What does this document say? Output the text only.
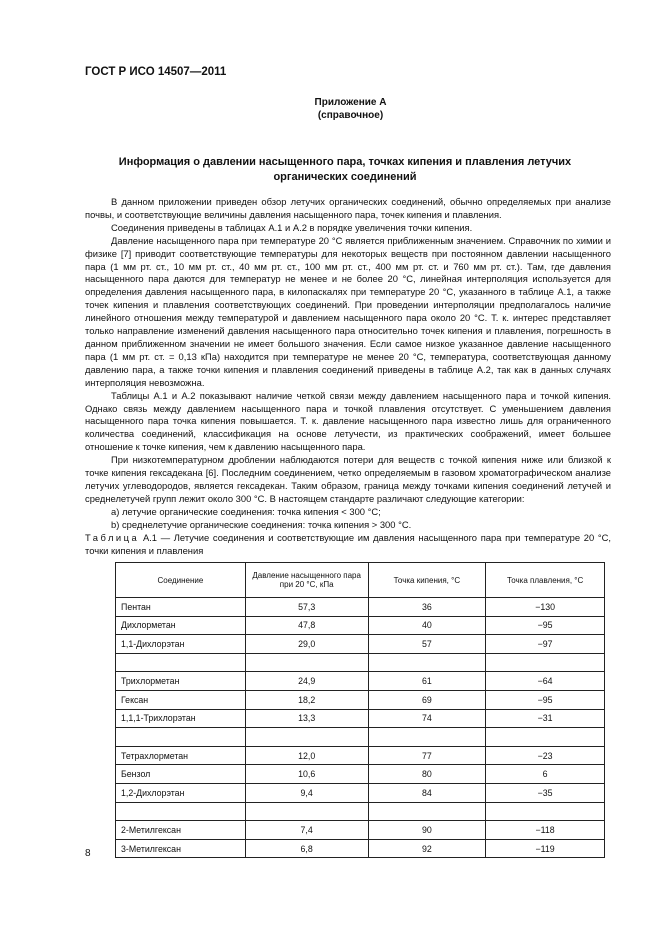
ГОСТ Р ИСО 14507—2011
Приложение А
(справочное)
Информация о давлении насыщенного пара, точках кипения и плавления летучих органических соединений

В данном приложении приведен обзор летучих органических соединений, обычно определяемых при анализе почвы, и соответствующие величины давления насыщенного пара, точек кипения и плавления.

Соединения приведены в таблицах А.1 и А.2 в порядке увеличения точки кипения.

Давление насыщенного пара при температуре 20 °С является приближенным значением. Справочник по химии и физике [7] приводит соответствующие температуры для некоторых веществ при постоянном давлении насыщенного пара (1 мм рт. ст., 10 мм рт. ст., 40 мм рт. ст., 100 мм рт. ст., 400 мм рт. ст. и 760 мм рт. ст.). Там, где давления насыщенного пара даются для температур не менее и не более 20 °С, линейная интерполяция используется для определения давления насыщенного пара, в килопаскалях при температуре 20 °С, указанного в таблице А.1, а также точек кипения и плавления соответствующих соединений. При проведении интерполяции предполагалось наличие линейного отношения между температурой и давлением насыщенного пара около 20 °С. Т. к. интерес представляет только направление изменений давления насыщенного пара относительно точек кипения и плавления, погрешность в данном приближенном значении не имеет большого значения. Если самое низкое указанное давление насыщенного пара (1 мм рт. ст. = 0,13 кПа) находится при температуре не менее 20 °С, температура, соответствующая данному давлению пара, а также точки кипения и плавления соединений приведены в таблице А.2, так как в данных случаях интерполяция невозможна.

Таблицы А.1 и А.2 показывают наличие четкой связи между давлением насыщенного пара и точкой кипения. Однако связь между давлением насыщенного пара и точкой плавления отсутствует. С уменьшением давления насыщенного пара точка кипения повышается. Т. к. давление насыщенного пара известно лишь для ограниченного количества соединений, классификация на основе летучести, из практических соображений, имеет большее отношение к точке кипения, чем к давлению насыщенного пара.

При низкотемпературном дроблении наблюдаются потери для веществ с точкой кипения ниже или близкой к точке кипения гексадекана [6]. Последним соединением, четко определяемым в газовом хроматографическом анализе летучих углеводородов, является гексадекан. Таким образом, граница между точками кипения соединений летучей и среднелетучей групп лежит около 300 °С. В настоящем стандарте различают следующие категории:

a) летучие органические соединения: точка кипения < 300 °С;

b) среднелетучие органические соединения: точка кипения > 300 °С.

Таблица А.1 — Летучие соединения и соответствующие им давления насыщенного пара при температуре 20 °С, точки кипения и плавления
Соединение	Давление насыщенного пара при 20 °С, кПа	Точка кипения, °С	Точка плавления, °С
Пентан	57,3	36	−130
Дихлорметан	47,8	40	−95
1,1-Дихлорэтан	29,0	57	−97

Трихлорметан	24,9	61	−64
Гексан	18,2	69	−95
1,1,1-Трихлорэтан	13,3	74	−31

Тетрахлорметан	12,0	77	−23
Бензол	10,6	80	6
1,2-Дихлорэтан	9,4	84	−35

2-Метилгексан	7,4	90	−118
3-Метилгексан	6,8	92	−119
8
